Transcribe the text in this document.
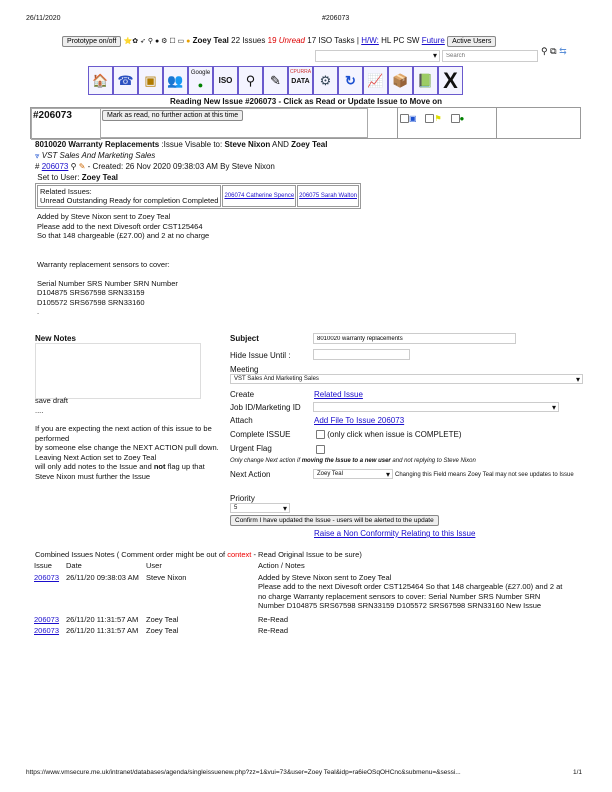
26/11/2020	#206073
Prototype on/off ⭐✿ ➶ ⚲ ● ⚙ ☐ ▭ ● Zoey Teal 22 Issues 19 Unread 17 ISO Tasks | H/W: HL PC SW Future Active Users
▾
Search
⚲ ⧉ ⇆
🏠 ☎ ▣ 👥	Google
●	ISO	⚲	✎
CPURRA
DATA ⚙	↻ 📈 📦 📗 X
Reading New Issue #206073 - Click as Read or Update Issue to Move on
#206073	Mark as read, no further action at this time	▣ ⚑ ●
8010020 Warranty Replacements :Issue Visable to: Steve Nixon AND Zoey Teal
⩔ VST Sales And Marketing Sales
# 206073 ⚲ ✎ - Created: 26 Nov 2020 09:38:03 AM By Steve Nixon
Set to User: Zoey Teal
Related Issues:
Unread Outstanding Ready for completion Completed	206074 Catherine Spence	206075 Sarah Walton
Added by Steve Nixon sent to Zoey Teal
Please add to the next Divesoft order CST125464
So that 148 chargeable (£27.00) and 2 at no charge
Warranty replacement sensors to cover:
Serial Number SRS Number SRN Number
D104875 SRS67598 SRN33159
D105572 SRS67598 SRN33160
.
New Notes
save draft
....
If you are expecting the next action of this issue to be performed
by someone else change the NEXT ACTION pull down.
Leaving Next Action set to Zoey Teal
will only add notes to the Issue and not flag up that Steve Nixon must further the Issue
Subject
8010020 warranty replacements
Hide Issue Until :
Meeting
VST Sales And Marketing Sales ▾
Create	Related Issue
Job ID/Marketing ID
▾
Attach	Add File To Issue 206073
Complete ISSUE	(only click when issue is COMPLETE)
Urgent Flag
Only change Next action if moving the Issue to a new user and not replying to Steve Nixon
Next Action	Zoey Teal ▾	Changing this Field means Zoey Teal may not see updates to Issue
Priority
5 ▾
Confirm I have updated the Issue - users will be alerted to the update
Raise a Non Conformity Relating to this Issue
Combined Issues Notes ( Comment order might be out of context - Read Original Issue to be sure)
Issue	Date	User	Action / Notes
206073	26/11/20 09:38:03 AM	Steve Nixon	Added by Steve Nixon sent to Zoey Teal
Please add to the next Divesoft order CST125464 So that 148 chargeable (£27.00) and 2 at no charge Warranty replacement sensors to cover: Serial Number SRS Number SRN Number D104875 SRS67598 SRN33159 D105572 SRS67598 SRN33160 New Issue

206073	26/11/20 11:31:57 AM	Zoey Teal	Re-Read
206073	26/11/20 11:31:57 AM	Zoey Teal	Re-Read
https://www.vmsecure.me.uk/intranet/databases/agenda/singleissuenew.php?zz=1&vui=73&user=Zoey Teal&idp=ra6ieOSqOHCnc&submenu=&sessi...	1/1
